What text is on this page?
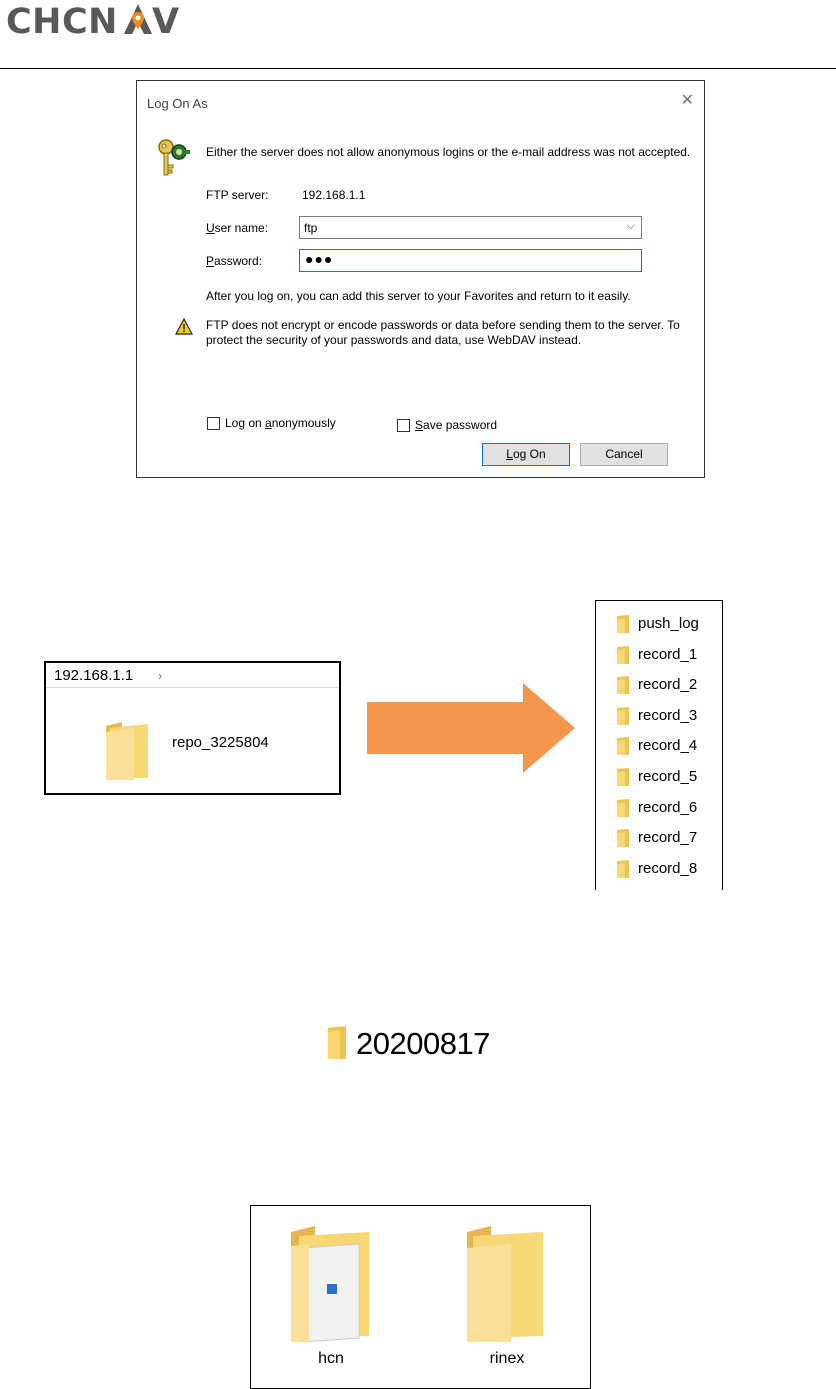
CHCN V
Log On As	✕
Either the server does not allow anonymous logins or the e-mail address was not accepted.
FTP server:	192.168.1.1
User name:	ftp	⌵
Password:	●●●
After you log on, you can add this server to your Favorites and return to it easily.
FTP does not encrypt or encode passwords or data before sending them to the server. To protect the security of your passwords and data, use WebDAV instead.
Log on anonymously	Save password
Log On	Cancel
192.168.1.1 ›
repo_3225804
push_log
record_1
record_2
record_3
record_4
record_5
record_6
record_7
record_8
20200817
hcn	rinex
